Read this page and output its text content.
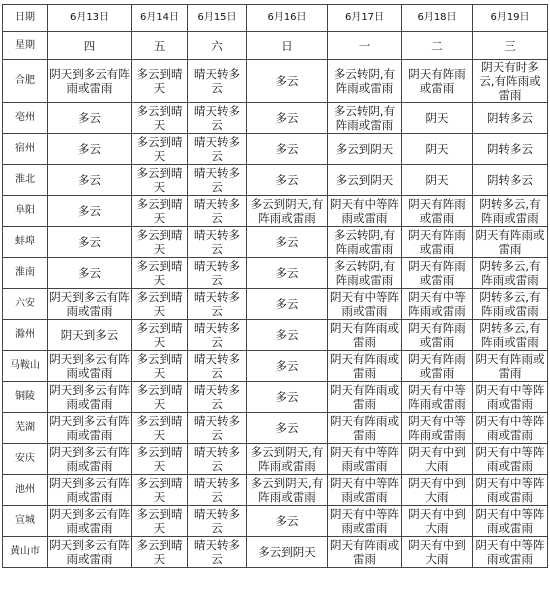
日期	6月13日	6月14日	6月15日	6月16日	6月17日	6月18日	6月19日
星期	四	五	六	日	一	二	三
合肥	阴天到多云有阵雨或雷雨	多云到晴天	晴天转多云	多云	多云转阴,有阵雨或雷雨	阴天有阵雨或雷雨	阴天有时多云,有阵雨或雷雨
亳州	多云	多云到晴天	晴天转多云	多云	多云转阴,有阵雨或雷雨	阴天	阴转多云
宿州	多云	多云到晴天	晴天转多云	多云	多云到阴天	阴天	阴转多云
淮北	多云	多云到晴天	晴天转多云	多云	多云到阴天	阴天	阴转多云
阜阳	多云	多云到晴天	晴天转多云	多云到阴天,有阵雨或雷雨	阴天有中等阵雨或雷雨	阴天有阵雨或雷雨	阴转多云,有阵雨或雷雨
蚌埠	多云	多云到晴天	晴天转多云	多云	多云转阴,有阵雨或雷雨	阴天有阵雨或雷雨	阴天有阵雨或雷雨
淮南	多云	多云到晴天	晴天转多云	多云	多云转阴,有阵雨或雷雨	阴天有阵雨或雷雨	阴转多云,有阵雨或雷雨
六安	阴天到多云有阵雨或雷雨	多云到晴天	晴天转多云	多云	阴天有中等阵雨或雷雨	阴天有中等阵雨或雷雨	阴转多云,有阵雨或雷雨
滁州	阴天到多云	多云到晴天	晴天转多云	多云	阴天有阵雨或雷雨	阴天有阵雨或雷雨	阴转多云,有阵雨或雷雨
马鞍山	阴天到多云有阵雨或雷雨	多云到晴天	晴天转多云	多云	阴天有阵雨或雷雨	阴天有阵雨或雷雨	阴天有阵雨或雷雨
铜陵	阴天到多云有阵雨或雷雨	多云到晴天	晴天转多云	多云	阴天有阵雨或雷雨	阴天有中等阵雨或雷雨	阴天有中等阵雨或雷雨
芜湖	阴天到多云有阵雨或雷雨	多云到晴天	晴天转多云	多云	阴天有阵雨或雷雨	阴天有中等阵雨或雷雨	阴天有中等阵雨或雷雨
安庆	阴天到多云有阵雨或雷雨	多云到晴天	晴天转多云	多云到阴天,有阵雨或雷雨	阴天有中等阵雨或雷雨	阴天有中到大雨	阴天有中等阵雨或雷雨
池州	阴天到多云有阵雨或雷雨	多云到晴天	晴天转多云	多云到阴天,有阵雨或雷雨	阴天有中等阵雨或雷雨	阴天有中到大雨	阴天有中等阵雨或雷雨
宣城	阴天到多云有阵雨或雷雨	多云到晴天	晴天转多云	多云	阴天有中等阵雨或雷雨	阴天有中到大雨	阴天有中等阵雨或雷雨
黄山市	阴天到多云有阵雨或雷雨	多云到晴天	晴天转多云	多云到阴天	阴天有阵雨或雷雨	阴天有中到大雨	阴天有中等阵雨或雷雨
